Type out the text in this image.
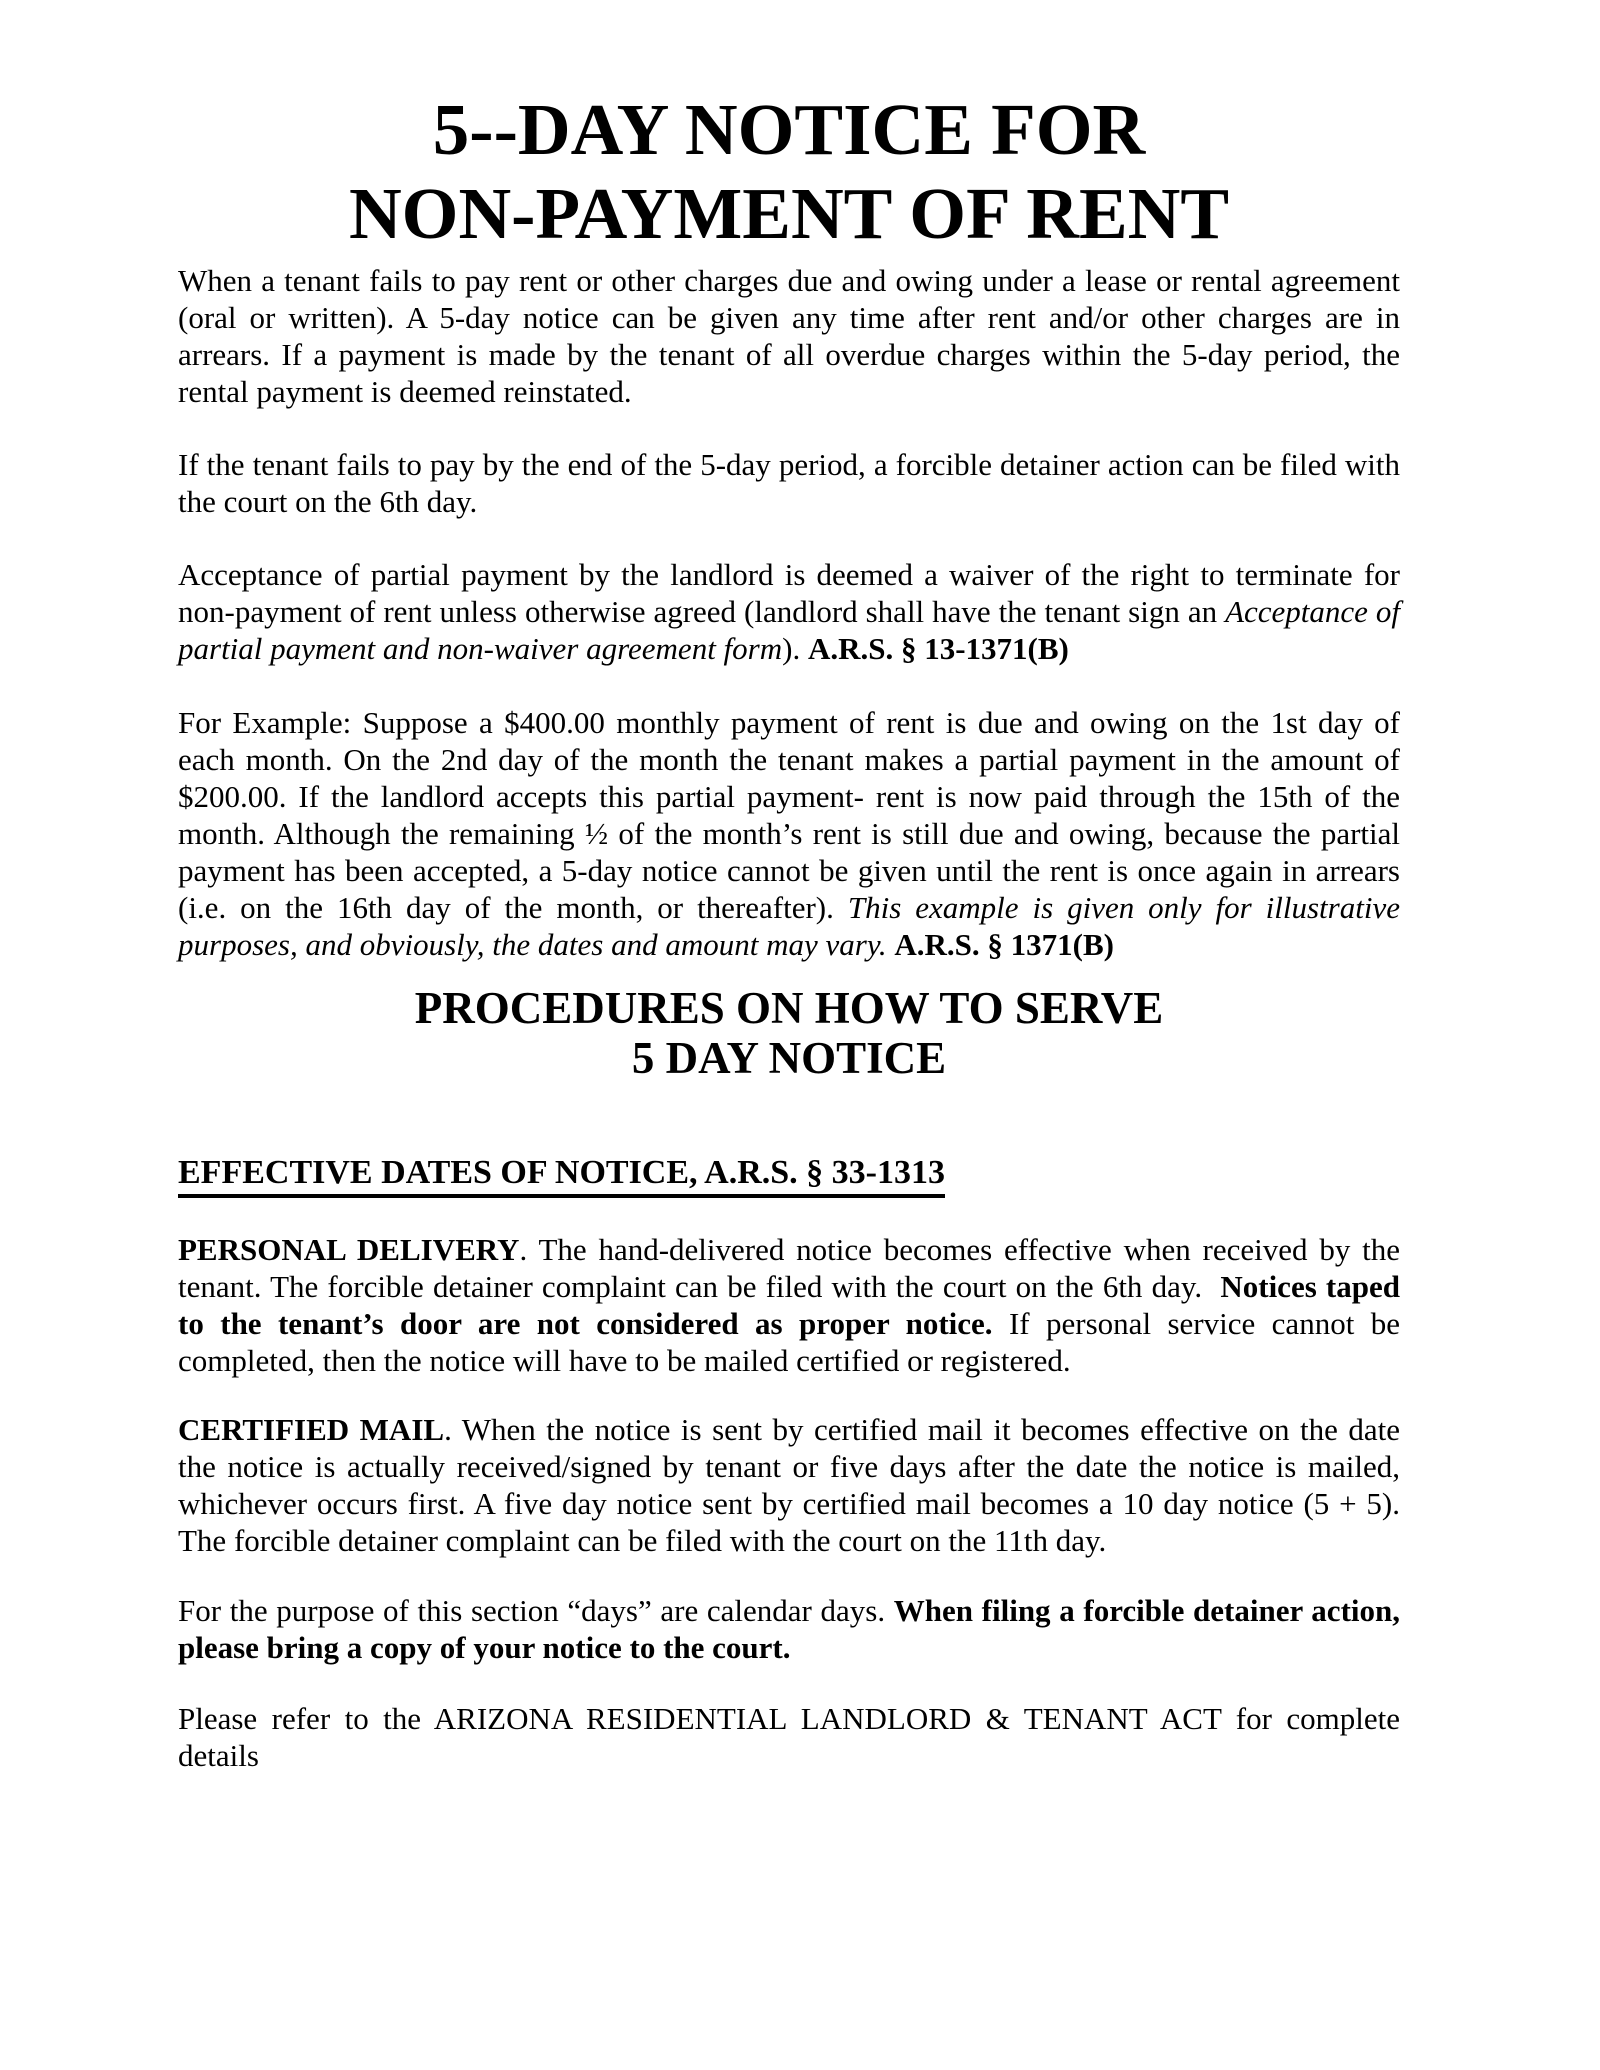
5--DAY NOTICE FOR
NON-PAYMENT OF RENT

When a tenant fails to pay rent or other charges due and owing under a lease or rental agreement (oral or written). A 5-day notice can be given any time after rent and/or other charges are in arrears. If a payment is made by the tenant of all overdue charges within the 5-day period, the rental payment is deemed reinstated.

If the tenant fails to pay by the end of the 5-day period, a forcible detainer action can be filed with the court on the 6th day.

Acceptance of partial payment by the landlord is deemed a waiver of the right to terminate for non-payment of rent unless otherwise agreed (landlord shall have the tenant sign an Acceptance of partial payment and non-waiver agreement form). A.R.S. § 13-1371(B)

For Example: Suppose a $400.00 monthly payment of rent is due and owing on the 1st day of each month. On the 2nd day of the month the tenant makes a partial payment in the amount of $200.00. If the landlord accepts this partial payment- rent is now paid through the 15th of the month. Although the remaining ½ of the month’s rent is still due and owing, because the partial payment has been accepted, a 5-day notice cannot be given until the rent is once again in arrears (i.e. on the 16th day of the month, or thereafter). This example is given only for illustrative purposes, and obviously, the dates and amount may vary. A.R.S. § 1371(B)

PROCEDURES ON HOW TO SERVE
5 DAY NOTICE
EFFECTIVE DATES OF NOTICE, A.R.S. § 33-1313

PERSONAL DELIVERY. The hand-delivered notice becomes effective when received by the tenant. The forcible detainer complaint can be filed with the court on the 6th day.  Notices taped to the tenant’s door are not considered as proper notice. If personal service cannot be completed, then the notice will have to be mailed certified or registered.

CERTIFIED MAIL. When the notice is sent by certified mail it becomes effective on the date the notice is actually received/signed by tenant or five days after the date the notice is mailed, whichever occurs first. A five day notice sent by certified mail becomes a 10 day notice (5 + 5). The forcible detainer complaint can be filed with the court on the 11th day.

For the purpose of this section “days” are calendar days. When filing a forcible detainer action, please bring a copy of your notice to the court.

Please refer to the ARIZONA RESIDENTIAL LANDLORD & TENANT ACT for complete details
